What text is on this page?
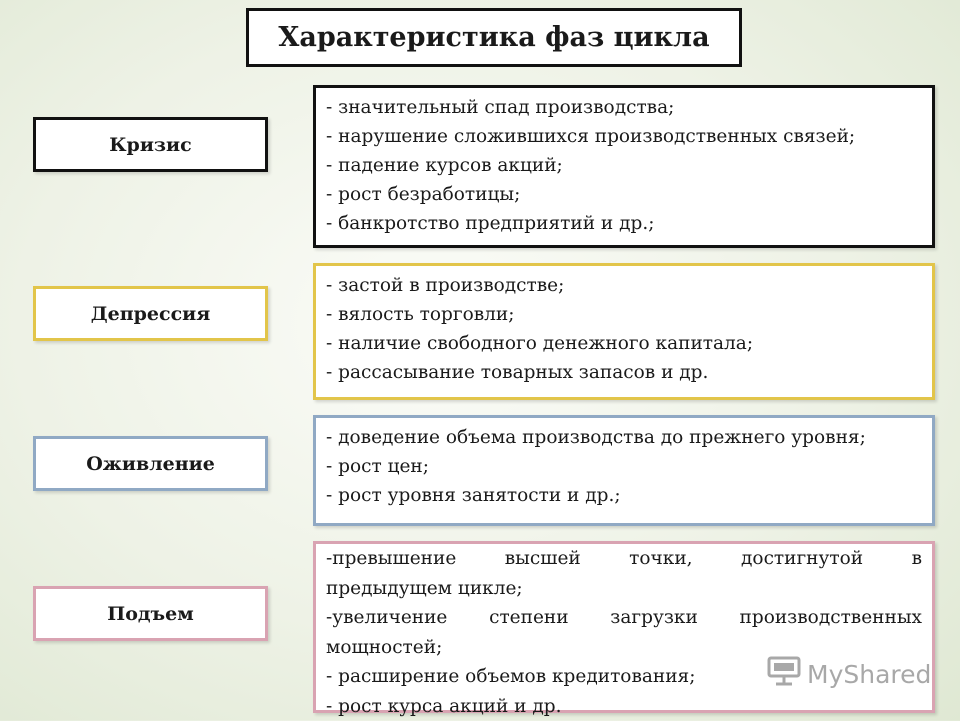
Характеристика фаз цикла
Кризис
- значительный спад производства;
- нарушение сложившихся производственных связей;
- падение курсов акций;
- рост безработицы;
- банкротство предприятий и др.;
Депрессия
- застой в производстве;
- вялость торговли;
- наличие свободного денежного капитала;
- рассасывание товарных запасов и др.
Оживление
- доведение объема производства до прежнего уровня;
- рост цен;
- рост уровня занятости и др.;
Подъем
-превышение высшей точки, достигнутой в
предыдущем цикле;
-увеличение степени загрузки производственных
мощностей;
- расширение объемов кредитования;
- рост курса акций и др.
MyShared
